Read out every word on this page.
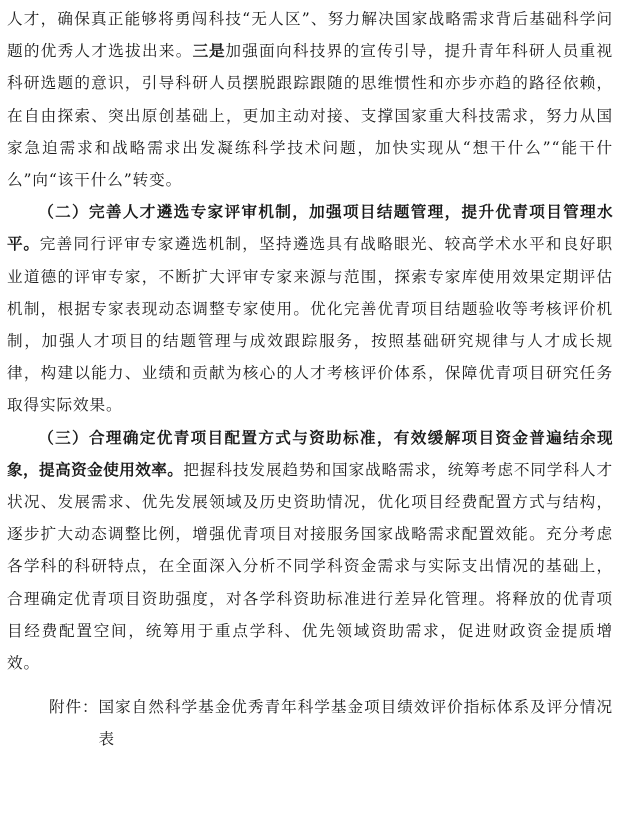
人才，确保真正能够将勇闯科技“无人区”、努力解决国家战略需求背后基础科学问题的优秀人才选拔出来。三是加强面向科技界的宣传引导，提升青年科研人员重视科研选题的意识，引导科研人员摆脱跟踪跟随的思维惯性和亦步亦趋的路径依赖，在自由探索、突出原创基础上，更加主动对接、支撑国家重大科技需求，努力从国家急迫需求和战略需求出发凝练科学技术问题，加快实现从“想干什么”“能干什么”向“该干什么”转变。

（二）完善人才遴选专家评审机制，加强项目结题管理，提升优青项目管理水平。完善同行评审专家遴选机制，坚持遴选具有战略眼光、较高学术水平和良好职业道德的评审专家，不断扩大评审专家来源与范围，探索专家库使用效果定期评估机制，根据专家表现动态调整专家使用。优化完善优青项目结题验收等考核评价机制，加强人才项目的结题管理与成效跟踪服务，按照基础研究规律与人才成长规律，构建以能力、业绩和贡献为核心的人才考核评价体系，保障优青项目研究任务取得实际效果。

（三）合理确定优青项目配置方式与资助标准，有效缓解项目资金普遍结余现象，提高资金使用效率。把握科技发展趋势和国家战略需求，统筹考虑不同学科人才状况、发展需求、优先发展领域及历史资助情况，优化项目经费配置方式与结构，逐步扩大动态调整比例，增强优青项目对接服务国家战略需求配置效能。充分考虑各学科的科研特点，在全面深入分析不同学科资金需求与实际支出情况的基础上，合理确定优青项目资助强度，对各学科资助标准进行差异化管理。将释放的优青项目经费配置空间，统筹用于重点学科、优先领域资助需求，促进财政资金提质增效。

附件： 国家自然科学基金优秀青年科学基金项目绩效评价指标体系及评分情况表
